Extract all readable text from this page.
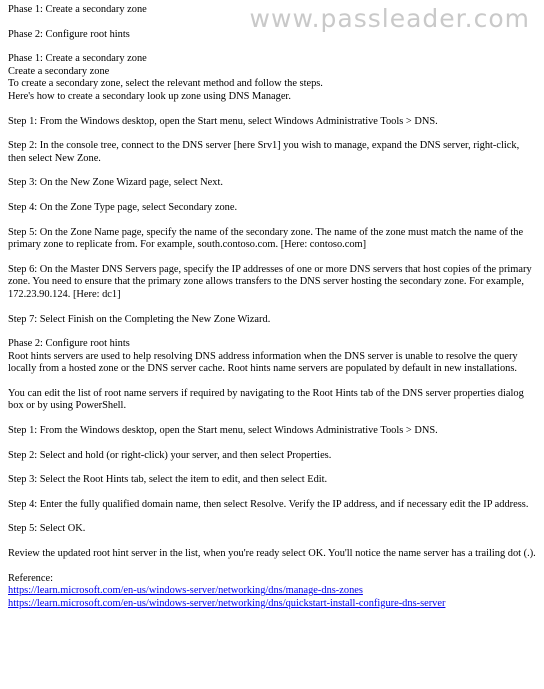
www.passleader.com
Phase 1: Create a secondary zone
Phase 2: Configure root hints
Phase 1: Create a secondary zone
Create a secondary zone
To create a secondary zone, select the relevant method and follow the steps.
Here's how to create a secondary look up zone using DNS Manager.
Step 1: From the Windows desktop, open the Start menu, select Windows Administrative Tools > DNS.
Step 2: In the console tree, connect to the DNS server [here Srv1] you wish to manage, expand the DNS server, right-click, then select New Zone.
Step 3: On the New Zone Wizard page, select Next.
Step 4: On the Zone Type page, select Secondary zone.
Step 5: On the Zone Name page, specify the name of the secondary zone. The name of the zone must match the name of the primary zone to replicate from. For example, south.contoso.com. [Here: contoso.com]
Step 6: On the Master DNS Servers page, specify the IP addresses of one or more DNS servers that host copies of the primary zone. You need to ensure that the primary zone allows transfers to the DNS server hosting the secondary zone. For example, 172.23.90.124. [Here: dc1]
Step 7: Select Finish on the Completing the New Zone Wizard.
Phase 2: Configure root hints
Root hints servers are used to help resolving DNS address information when the DNS server is unable to resolve the query locally from a hosted zone or the DNS server cache. Root hints name servers are populated by default in new installations.
You can edit the list of root name servers if required by navigating to the Root Hints tab of the DNS server properties dialog box or by using PowerShell.
Step 1: From the Windows desktop, open the Start menu, select Windows Administrative Tools > DNS.
Step 2: Select and hold (or right-click) your server, and then select Properties.
Step 3: Select the Root Hints tab, select the item to edit, and then select Edit.
Step 4: Enter the fully qualified domain name, then select Resolve. Verify the IP address, and if necessary edit the IP address.
Step 5: Select OK.
Review the updated root hint server in the list, when you're ready select OK. You'll notice the name server has a trailing dot (.).
Reference:
https://learn.microsoft.com/en-us/windows-server/networking/dns/manage-dns-zones
https://learn.microsoft.com/en-us/windows-server/networking/dns/quickstart-install-configure-dns-server
